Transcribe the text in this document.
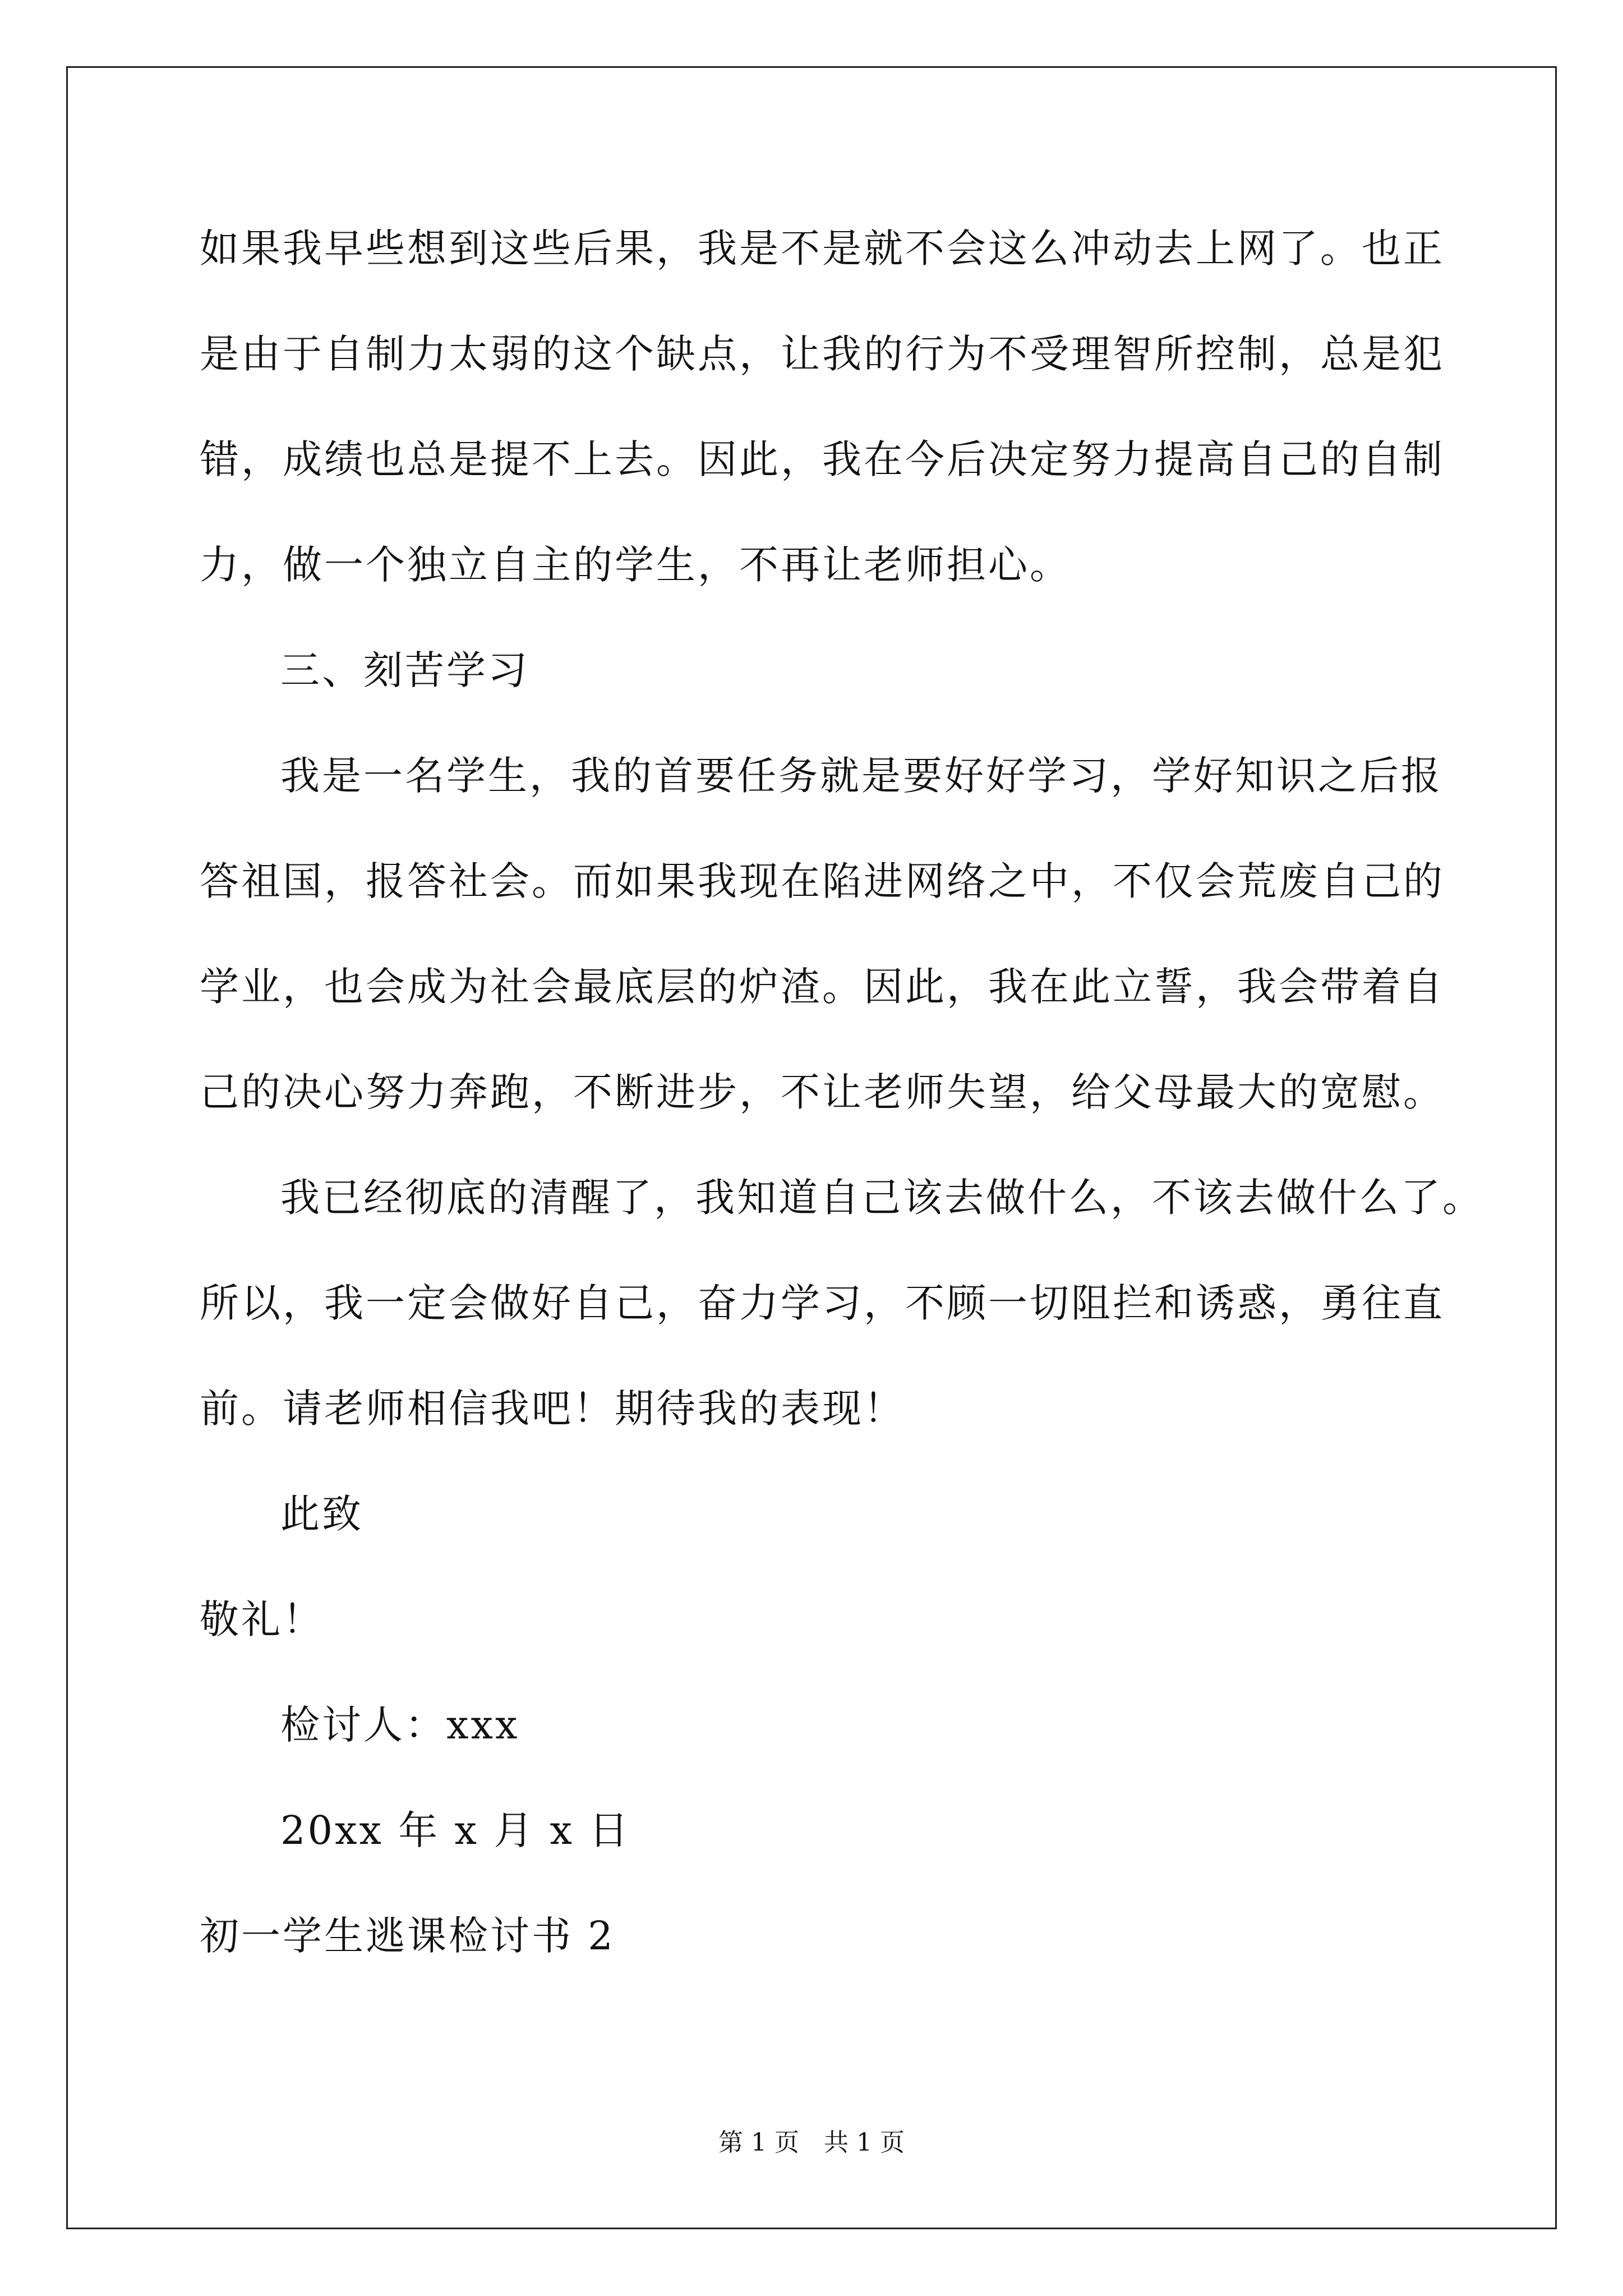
如果我早些想到这些后果，我是不是就不会这么冲动去上网了。也正
是由于自制力太弱的这个缺点，让我的行为不受理智所控制，总是犯
错，成绩也总是提不上去。因此，我在今后决定努力提高自己的自制
力，做一个独立自主的学生，不再让老师担心。
三、刻苦学习
我是一名学生，我的首要任务就是要好好学习，学好知识之后报
答祖国，报答社会。而如果我现在陷进网络之中，不仅会荒废自己的
学业，也会成为社会最底层的炉渣。因此，我在此立誓，我会带着自
己的决心努力奔跑，不断进步，不让老师失望，给父母最大的宽慰。
我已经彻底的清醒了，我知道自己该去做什么，不该去做什么了。
所以，我一定会做好自己，奋力学习，不顾一切阻拦和诱惑，勇往直
前。请老师相信我吧！期待我的表现！
此致
敬礼！
检讨人：xxx
20xx 年 x 月 x 日
初一学生逃课检讨书 2
第 1 页　共 1 页
